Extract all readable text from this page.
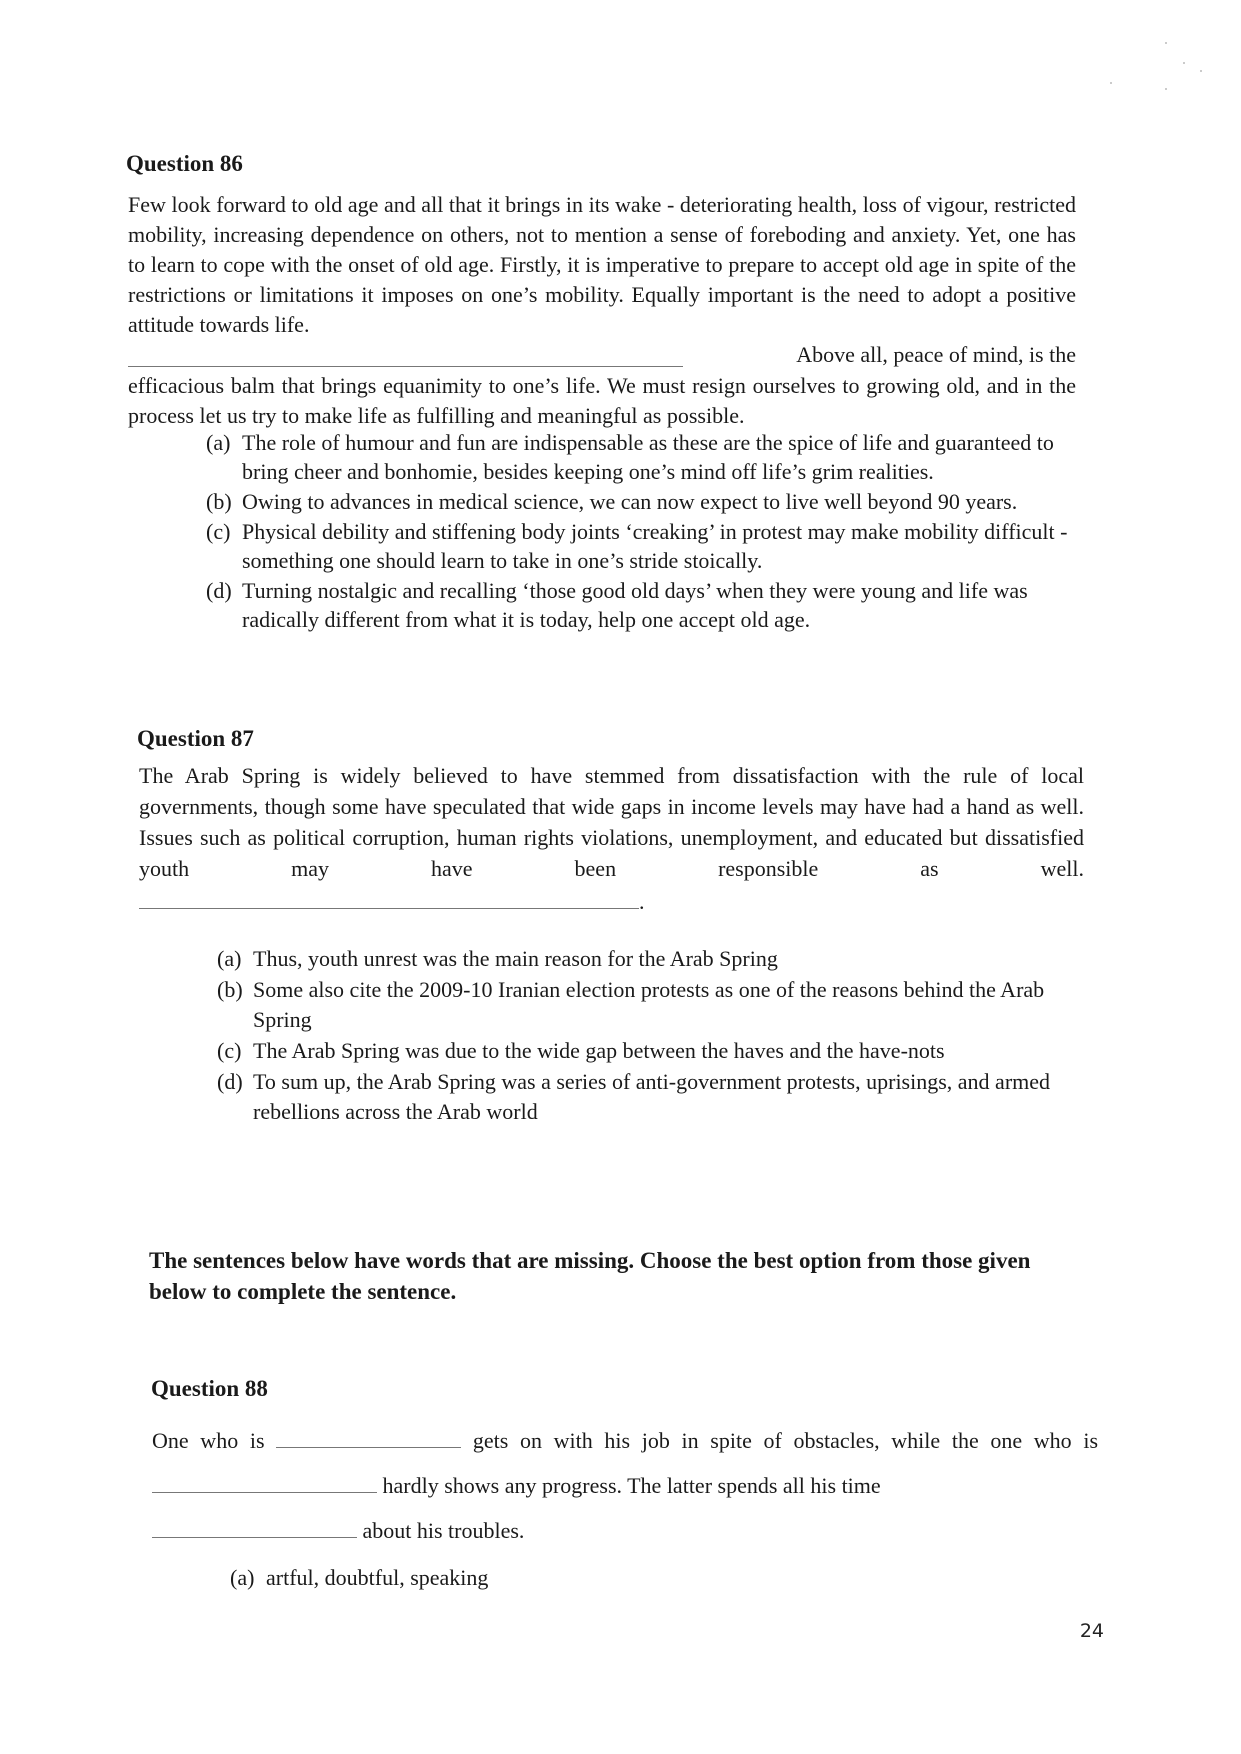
Question 86
Few look forward to old age and all that it brings in its wake - deteriorating health, loss of vigour, restricted mobility, increasing dependence on others, not to mention a sense of foreboding and anxiety. Yet, one has to learn to cope with the onset of old age. Firstly, it is imperative to prepare to accept old age in spite of the restrictions or limitations it imposes on one’s mobility. Equally important is the need to adopt a positive attitude towards life.
Above all, peace of mind, is the
efficacious balm that brings equanimity to one’s life. We must resign ourselves to growing old, and in the process let us try to make life as fulfilling and meaningful as possible.
(a) The role of humour and fun are indispensable as these are the spice of life and guaranteed to bring cheer and bonhomie, besides keeping one’s mind off life’s grim realities.
(b) Owing to advances in medical science, we can now expect to live well beyond 90 years.
(c) Physical debility and stiffening body joints ‘creaking’ in protest may make mobility difficult - something one should learn to take in one’s stride stoically.
(d) Turning nostalgic and recalling ‘those good old days’ when they were young and life was radically different from what it is today, help one accept old age.
Question 87
The Arab Spring is widely believed to have stemmed from dissatisfaction with the rule of local governments, though some have speculated that wide gaps in income levels may have had a hand as well. Issues such as political corruption, human rights violations, unemployment, and educated but dissatisfied youth may have been responsible as well.
.
(a) Thus, youth unrest was the main reason for the Arab Spring
(b) Some also cite the 2009-10 Iranian election protests as one of the reasons behind the Arab Spring
(c) The Arab Spring was due to the wide gap between the haves and the have-nots
(d) To sum up, the Arab Spring was a series of anti-government protests, uprisings, and armed rebellions across the Arab world

The sentences below have words that are missing. Choose the best option from those given below to complete the sentence.

Question 88
One who is	gets on with his job in spite of obstacles, while the one who is  hardly shows any progress. The latter spends all his time
about his troubles.
(a) artful, doubtful, speaking
24
